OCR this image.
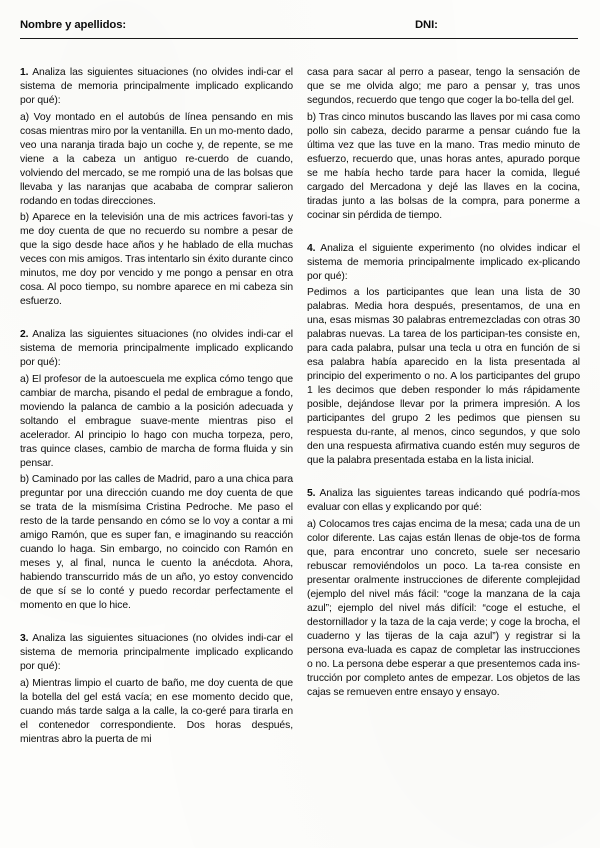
Nombre y apellidos:	DNI:

1. Analiza las siguientes situaciones (no olvides indi-car el sistema de memoria principalmente implicado explicando por qué):

a) Voy montado en el autobús de línea pensando en mis cosas mientras miro por la ventanilla. En un mo-mento dado, veo una naranja tirada bajo un coche y, de repente, se me viene a la cabeza un antiguo re-cuerdo de cuando, volviendo del mercado, se me rompió una de las bolsas que llevaba y las naranjas que acababa de comprar salieron rodando en todas direcciones.

b) Aparece en la televisión una de mis actrices favori-tas y me doy cuenta de que no recuerdo su nombre a pesar de que la sigo desde hace años y he hablado de ella muchas veces con mis amigos. Tras intentarlo sin éxito durante cinco minutos, me doy por vencido y me pongo a pensar en otra cosa. Al poco tiempo, su nombre aparece en mi cabeza sin esfuerzo.

2. Analiza las siguientes situaciones (no olvides indi-car el sistema de memoria principalmente implicado explicando por qué):

a) El profesor de la autoescuela me explica cómo tengo que cambiar de marcha, pisando el pedal de embrague a fondo, moviendo la palanca de cambio a la posición adecuada y soltando el embrague suave-mente mientras piso el acelerador. Al principio lo hago con mucha torpeza, pero, tras quince clases, cambio de marcha de forma fluida y sin pensar.

b) Caminado por las calles de Madrid, paro a una chica para preguntar por una dirección cuando me doy cuenta de que se trata de la mismísima Cristina Pedroche. Me paso el resto de la tarde pensando en cómo se lo voy a contar a mi amigo Ramón, que es super fan, e imaginando su reacción cuando lo haga. Sin embargo, no coincido con Ramón en meses y, al final, nunca le cuento la anécdota. Ahora, habiendo transcurrido más de un año, yo estoy convencido de que sí se lo conté y puedo recordar perfectamente el momento en que lo hice.

3. Analiza las siguientes situaciones (no olvides indi-car el sistema de memoria principalmente implicado explicando por qué):

a) Mientras limpio el cuarto de baño, me doy cuenta de que la botella del gel está vacía; en ese momento decido que, cuando más tarde salga a la calle, la co-geré para tirarla en el contenedor correspondiente. Dos horas después, mientras abro la puerta de mi

casa para sacar al perro a pasear, tengo la sensación de que se me olvida algo; me paro a pensar y, tras unos segundos, recuerdo que tengo que coger la bo-tella del gel.

b) Tras cinco minutos buscando las llaves por mi casa como pollo sin cabeza, decido pararme a pensar cuándo fue la última vez que las tuve en la mano. Tras medio minuto de esfuerzo, recuerdo que, unas horas antes, apurado porque se me había hecho tarde para hacer la comida, llegué cargado del Mercadona y dejé las llaves en la cocina, tiradas junto a las bolsas de la compra, para ponerme a cocinar sin pérdida de tiempo.

4. Analiza el siguiente experimento (no olvides indicar el sistema de memoria principalmente implicado ex-plicando por qué):

Pedimos a los participantes que lean una lista de 30 palabras. Media hora después, presentamos, de una en una, esas mismas 30 palabras entremezcladas con otras 30 palabras nuevas. La tarea de los participan-tes consiste en, para cada palabra, pulsar una tecla u otra en función de si esa palabra había aparecido en la lista presentada al principio del experimento o no. A los participantes del grupo 1 les decimos que deben responder lo más rápidamente posible, dejándose llevar por la primera impresión. A los participantes del grupo 2 les pedimos que piensen su respuesta du-rante, al menos, cinco segundos, y que solo den una respuesta afirmativa cuando estén muy seguros de que la palabra presentada estaba en la lista inicial.

5. Analiza las siguientes tareas indicando qué podría-mos evaluar con ellas y explicando por qué:

a) Colocamos tres cajas encima de la mesa; cada una de un color diferente. Las cajas están llenas de obje-tos de forma que, para encontrar uno concreto, suele ser necesario rebuscar removiéndolos un poco. La ta-rea consiste en presentar oralmente instrucciones de diferente complejidad (ejemplo del nivel más fácil: “coge la manzana de la caja azul”; ejemplo del nivel más difícil: “coge el estuche, el destornillador y la taza de la caja verde; y coge la brocha, el cuaderno y las tijeras de la caja azul”) y registrar si la persona eva-luada es capaz de completar las instrucciones o no. La persona debe esperar a que presentemos cada ins-trucción por completo antes de empezar. Los objetos de las cajas se remueven entre ensayo y ensayo.
